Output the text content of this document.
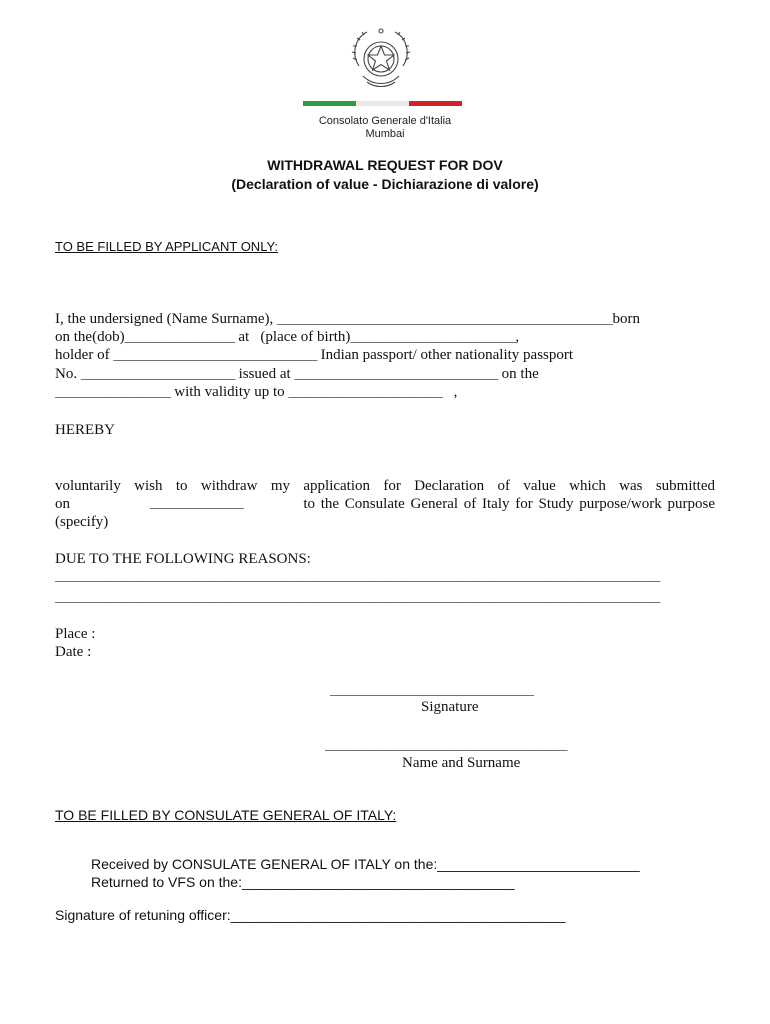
Consolato Generale d'Italia
Mumbai
WITHDRAWAL REQUEST FOR DOV
(Declaration of value - Dichiarazione di valore)
TO BE FILLED BY APPLICANT ONLY:
I, the undersigned (Name Surname), _____________________________________________________________born
on the(dob)____________________ at   (place of birth)______________________________,
holder of _____________________________________ Indian passport/ other nationality passport
No. ____________________________ issued at _____________________________________ on the
_____________________ with validity up to ____________________________   ,
HEREBY
voluntarily wish to withdraw my application for Declaration of value which was submitted
on	_________________	to the Consulate General of Italy for Study purpose/work purpose
(specify)
DUE TO THE FOLLOWING REASONS:
______________________________________________________________________________________________________________
______________________________________________________________________________________________________________
Place :
Date :
_____________________________________
Signature
____________________________________________
Name and Surname
TO BE FILLED BY CONSULATE GENERAL OF ITALY:
Received by CONSULATE GENERAL OF ITALY on the:__________________________
Returned to VFS on the:___________________________________
Signature of retuning officer:___________________________________________
